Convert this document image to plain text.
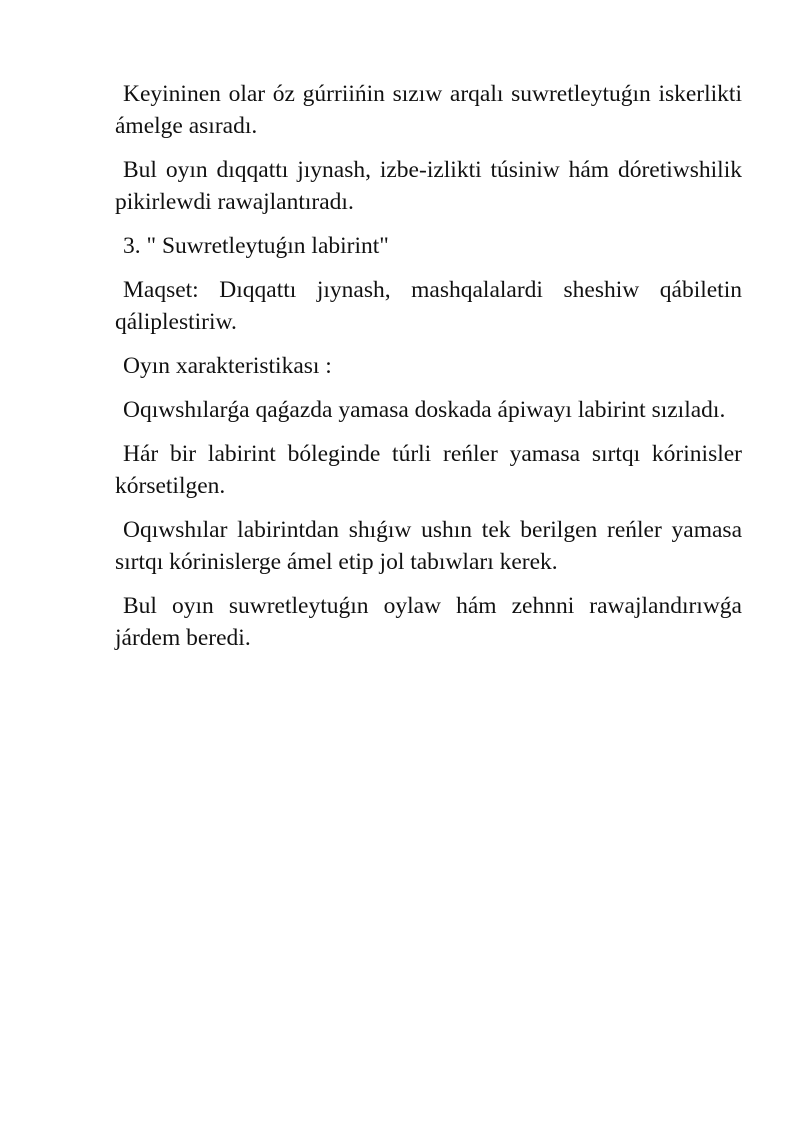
Keyininen olar óz gúrriińin sızıw arqalı suwretleytuǵın iskerlikti ámelge asıradı.

Bul oyın dıqqattı jıynash, izbe-izlikti túsiniw hám dóretiwshilik pikirlewdi rawajlantıradı.

3. " Suwretleytuǵın labirint"

Maqset: Dıqqattı jıynash, mashqalalardi sheshiw qábiletin qáliplestiriw.

Oyın xarakteristikası :

Oqıwshılarǵa qaǵazda yamasa doskada ápiwayı labirint sızıladı.

Hár bir labirint bóleginde túrli reńler yamasa sırtqı kórinisler kórsetilgen.

Oqıwshılar labirintdan shıǵıw ushın tek berilgen reńler yamasa sırtqı kórinislerge ámel etip jol tabıwları kerek.

Bul oyın suwretleytuǵın oylaw hám zehnni rawajlandırıwǵa járdem beredi.
